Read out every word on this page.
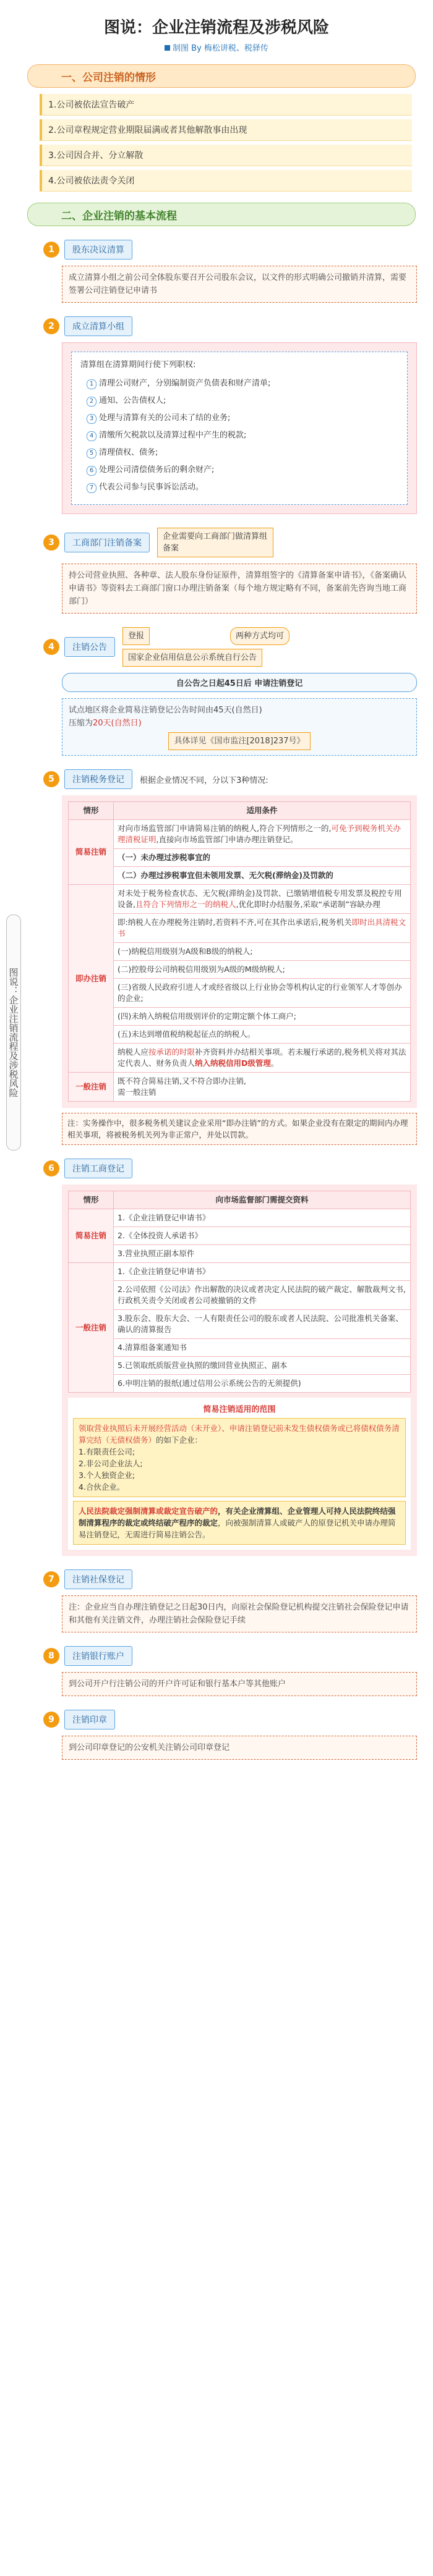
图说：企业注销流程及涉税风险
制图 By 梅松讲税、税驿传
一、 公司注销的情形
1.公司被依法宣告破产
2.公司章程规定营业期限届满或者其他解散事由出现
3.公司因合并、分立解散
4.公司被依法责令关闭
二、企业注销的基本流程
图说：企业注销流程及涉税风险
1	股东决议清算
成立清算小组之前公司全体股东要召开公司股东会议，以文件的形式明确公司撤销并清算，需要签署公司注销登记申请书
2	成立清算小组
清算组在清算期间行使下列职权:
1 清理公司财产，分别编制资产负债表和财产清单;
2 通知、公告债权人;
3 处理与清算有关的公司未了结的业务;
4 清缴所欠税款以及清算过程中产生的税款;
5 清理债权、债务;
6 处理公司清偿债务后的剩余财产;
7 代表公司参与民事诉讼活动。
3	工商部门注销备案
企业需要向工商部门做清算组备案
持公司营业执照、各种章、法人股东身份证原件，清算组签字的《清算备案申请书》，《备案确认申请书》等资料去工商部门窗口办理注销备案（每个地方规定略有不同，备案前先咨询当地工商部门）
4	注销公告
登报	两种方式均可
国家企业信用信息公示系统自行公告
自公告之日起45日后 申请注销登记
试点地区将企业简易注销登记公告时间由45天(自然日)
压缩为20天(自然日)
具体详见《国市监注[2018]237号》
5	注销税务登记	根据企业情况不同，分以下3种情况:
情形	适用条件
简易注销	对向市场监管部门申请简易注销的纳税人,符合下列情形之一的,可免予到税务机关办理清税证明,直接向市场监管部门申请办理注销登记。
	（一）未办理过涉税事宜的
	（二）办理过涉税事宜但未领用发票、无欠税(滞纳金)及罚款的
即办注销	对未处于税务检查状态、无欠税(滞纳金)及罚款、已缴销增值税专用发票及税控专用设备,且符合下列情形之一的纳税人,优化即时办结服务,采取“承诺制”容缺办理
	即:纳税人在办理税务注销时,若资料不齐,可在其作出承诺后,税务机关即时出具清税文书
	(一)纳税信用级别为A级和B级的纳税人;
	(二)控股母公司纳税信用级别为A级的M级纳税人;
	(三)省级人民政府引进人才或经省级以上行业协会等机构认定的行业领军人才等创办的企业;
	(四)未纳入纳税信用级别评价的定期定额个体工商户;
	(五)未达到增值税纳税起征点的纳税人。
	纳税人应按承诺的时限补齐资料并办结相关事项。若未履行承诺的,税务机关将对其法定代表人、财务负责人纳入纳税信用D级管理。
一般注销	既不符合简易注销,又不符合即办注销,
需一般注销
注：实务操作中，很多税务机关建议企业采用“即办注销”的方式。如果企业没有在限定的期间内办理相关事项，将被税务机关列为非正常户，并处以罚款。
6	注销工商登记
情形	向市场监督部门需提交资料
简易注销	1.《企业注销登记申请书》
	2.《全体投资人承诺书》
	3.营业执照正副本原件
一般注销	1.《企业注销登记申请书》
	2.公司依照《公司法》作出解散的决议或者决定人民法院的破产裁定、解散裁判文书,行政机关责令关闭或者公司被撤销的文件
	3.股东会、股东大会、一人有限责任公司的股东或者人民法院、公司批准机关备案、确认的清算报告
	4.清算组备案通知书
	5.已领取纸质版营业执照的缴回营业执照正、副本
	6.申明注销的报纸(通过信用公示系统公告的无须提供)
简易注销适用的范围
领取营业执照后未开展经营活动（未开业）、申请注销登记前未发生债权债务或已将债权债务清算完结（无债权债务）的如下企业：
1.有限责任公司;
2.非公司企业法人;
3.个人独资企业;
4.合伙企业。
人民法院裁定强制清算或裁定宣告破产的，有关企业清算组、企业管理人可持人民法院终结强制清算程序的裁定或终结破产程序的裁定，向被强制清算人或破产人的原登记机关申请办理简易注销登记，无需进行简易注销公告。
7	注销社保登记
注：企业应当自办理注销登记之日起30日内，向原社会保险登记机构提交注销社会保险登记申请和其他有关注销文件，办理注销社会保险登记手续
8	注销银行账户
到公司开户行注销公司的开户许可证和银行基本户等其他账户
9	注销印章
到公司印章登记的公安机关注销公司印章登记
